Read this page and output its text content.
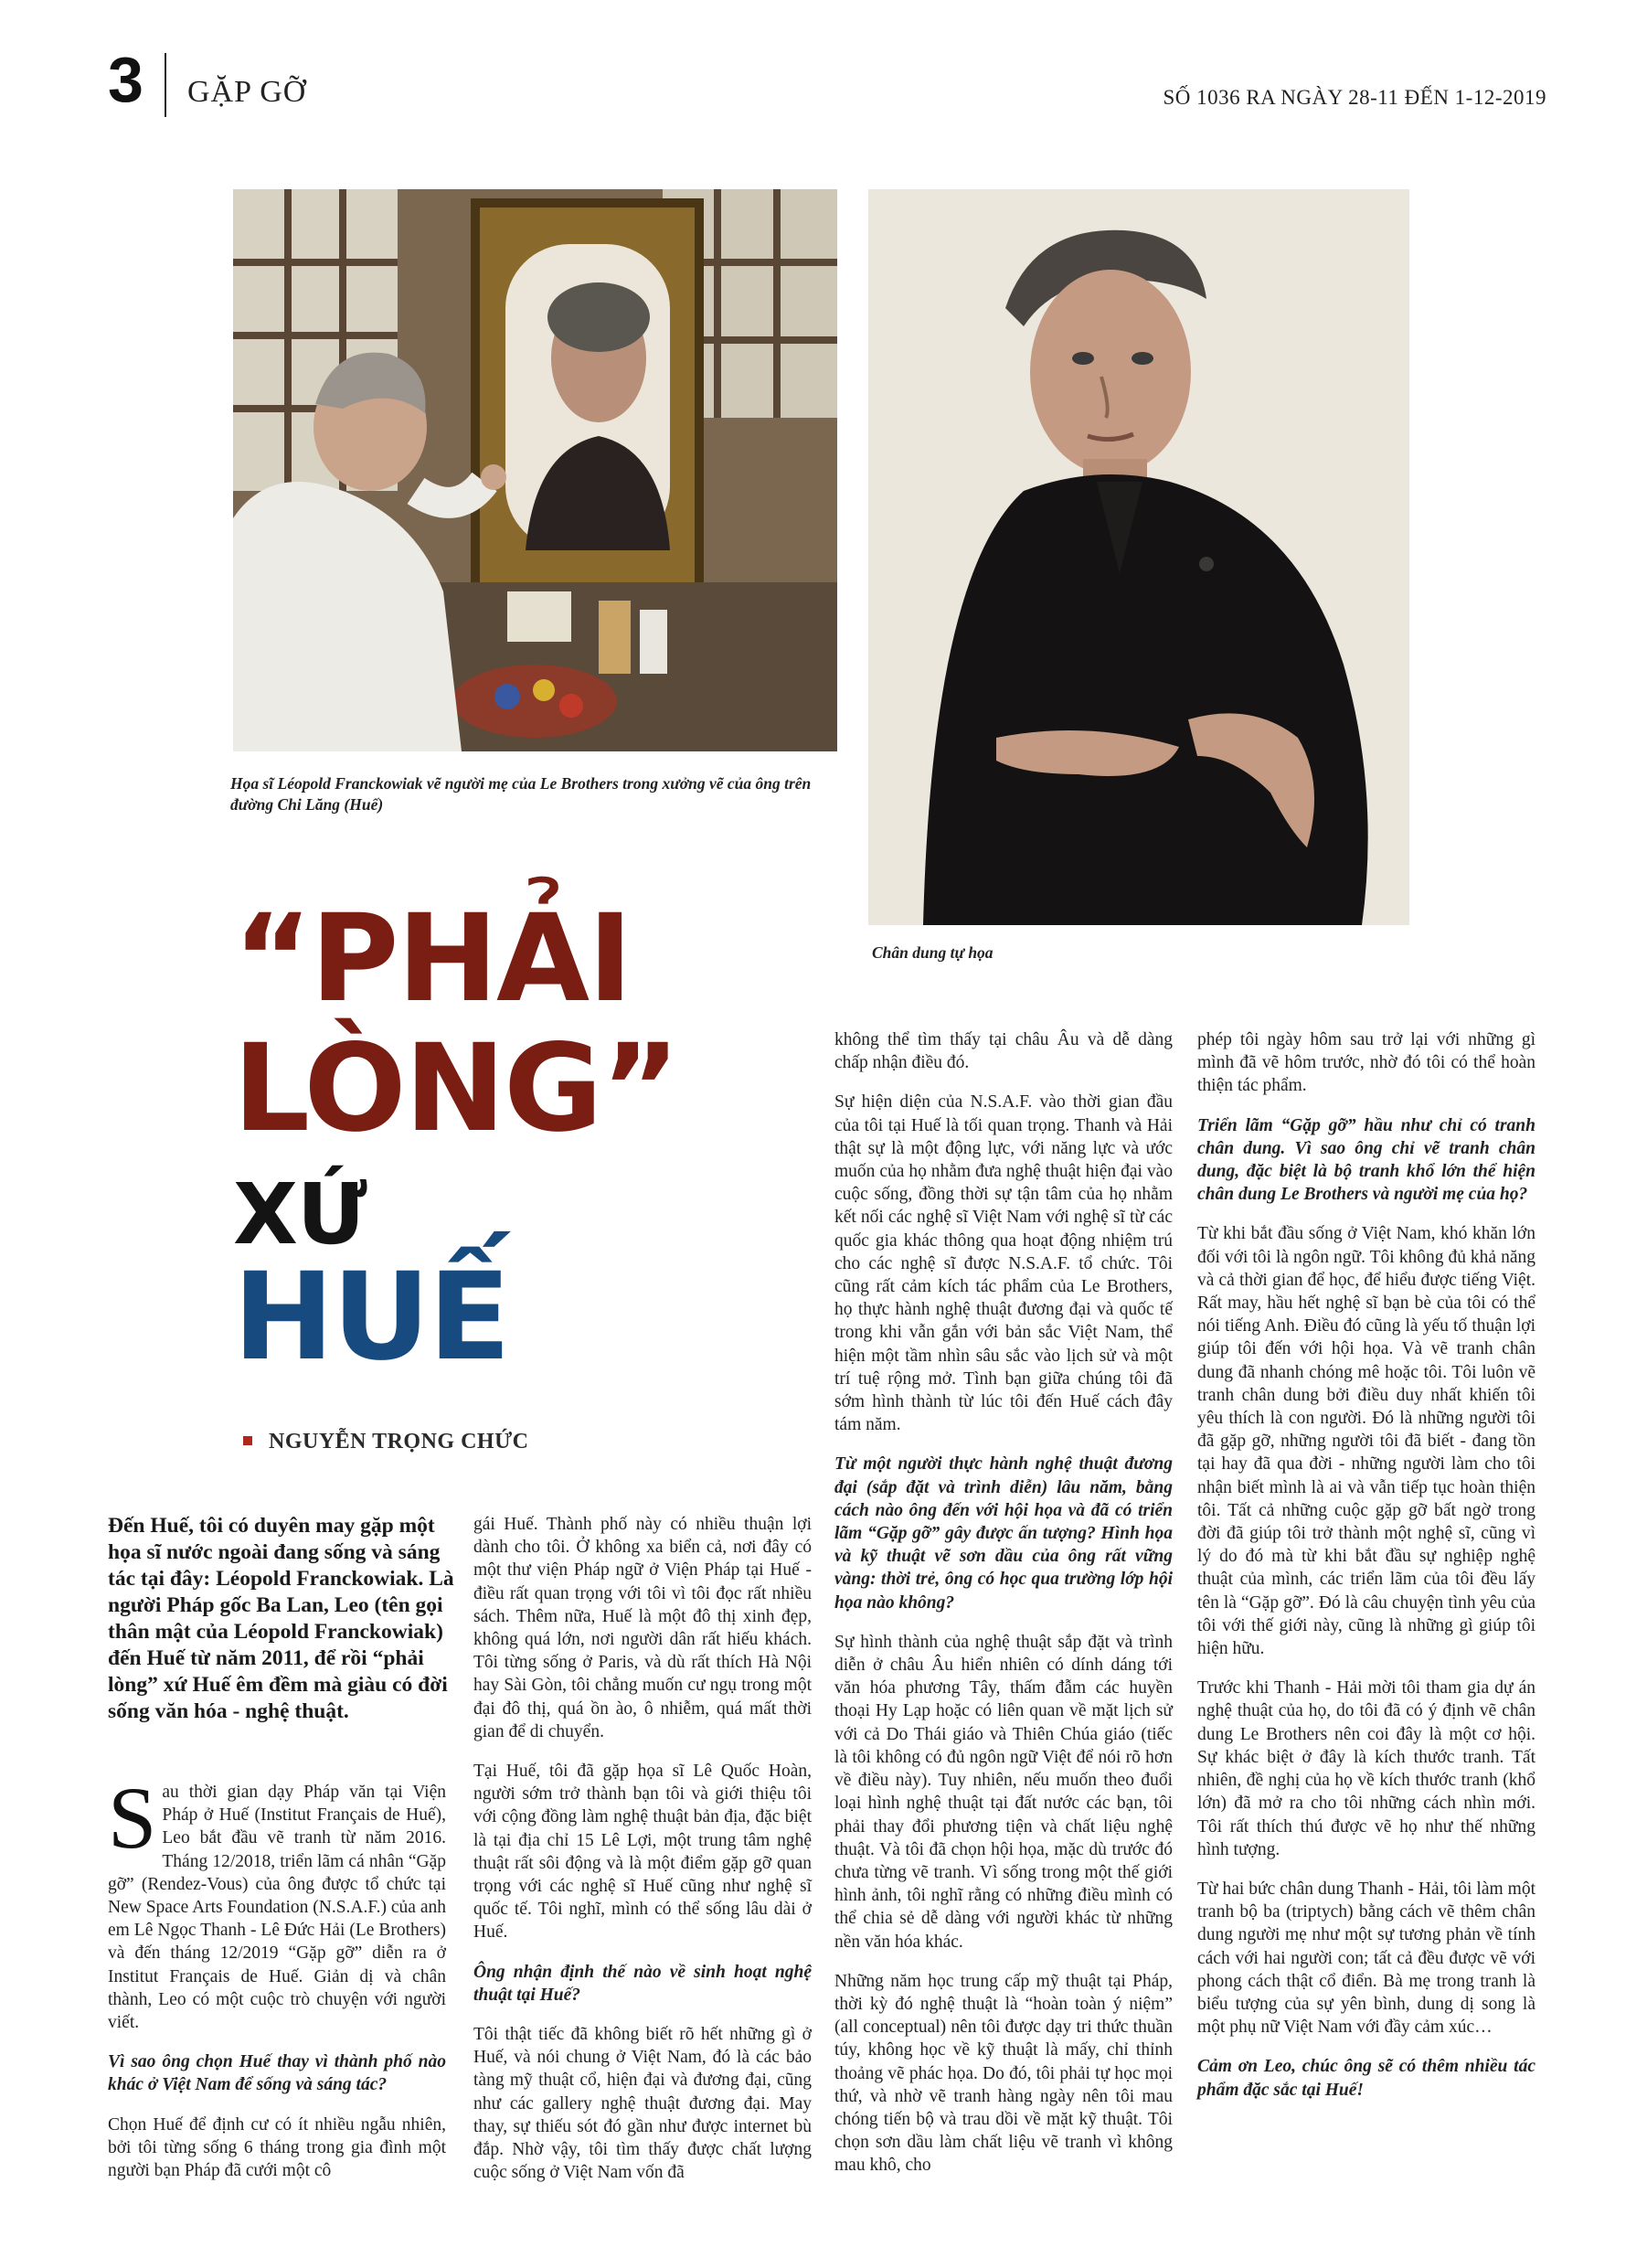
3 GẶP GỠ	SỐ 1036 RA NGÀY 28-11 ĐẾN 1-12-2019
Họa sĩ Léopold Franckowiak vẽ người mẹ của Le Brothers trong xưởng vẽ của ông trên đường Chi Lăng (Huế)
Chân dung tự họa
“PHẢI
LÒNG”
XỨ
HUẾ
NGUYỄN TRỌNG CHỨC
Đến Huế, tôi có duyên may gặp một họa sĩ nước ngoài đang sống và sáng tác tại đây: Léopold Franckowiak. Là người Pháp gốc Ba Lan, Leo (tên gọi thân mật của Léopold Franckowiak) đến Huế từ năm 2011, để rồi “phải lòng” xứ Huế êm đềm mà giàu có đời sống văn hóa - nghệ thuật.

Sau thời gian dạy Pháp văn tại Viện Pháp ở Huế (Institut Français de Huế), Leo bắt đầu vẽ tranh từ năm 2016. Tháng 12/2018, triển lãm cá nhân “Gặp gỡ” (Rendez-Vous) của ông được tổ chức tại New Space Arts Foundation (N.S.A.F.) của anh em Lê Ngọc Thanh - Lê Đức Hải (Le Brothers) và đến tháng 12/2019 “Gặp gỡ” diễn ra ở Institut Français de Huế. Giản dị và chân thành, Leo có một cuộc trò chuyện với người viết.

Vì sao ông chọn Huế thay vì thành phố nào khác ở Việt Nam để sống và sáng tác?

Chọn Huế để định cư có ít nhiều ngẫu nhiên, bởi tôi từng sống 6 tháng trong gia đình một người bạn Pháp đã cưới một cô

gái Huế. Thành phố này có nhiều thuận lợi dành cho tôi. Ở không xa biển cả, nơi đây có một thư viện Pháp ngữ ở Viện Pháp tại Huế - điều rất quan trọng với tôi vì tôi đọc rất nhiều sách. Thêm nữa, Huế là một đô thị xinh đẹp, không quá lớn, nơi người dân rất hiếu khách. Tôi từng sống ở Paris, và dù rất thích Hà Nội hay Sài Gòn, tôi chẳng muốn cư ngụ trong một đại đô thị, quá ồn ào, ô nhiễm, quá mất thời gian để di chuyển.

Tại Huế, tôi đã gặp họa sĩ Lê Quốc Hoàn, người sớm trở thành bạn tôi và giới thiệu tôi với cộng đồng làm nghệ thuật bản địa, đặc biệt là tại địa chỉ 15 Lê Lợi, một trung tâm nghệ thuật rất sôi động và là một điểm gặp gỡ quan trọng với các nghệ sĩ Huế cũng như nghệ sĩ quốc tế. Tôi nghĩ, mình có thể sống lâu dài ở Huế.

Ông nhận định thế nào về sinh hoạt nghệ thuật tại Huế?

Tôi thật tiếc đã không biết rõ hết những gì ở Huế, và nói chung ở Việt Nam, đó là các bảo tàng mỹ thuật cổ, hiện đại và đương đại, cũng như các gallery nghệ thuật đương đại. May thay, sự thiếu sót đó gần như được internet bù đắp. Nhờ vậy, tôi tìm thấy được chất lượng cuộc sống ở Việt Nam vốn đã

không thể tìm thấy tại châu Âu và dễ dàng chấp nhận điều đó.

Sự hiện diện của N.S.A.F. vào thời gian đầu của tôi tại Huế là tối quan trọng. Thanh và Hải thật sự là một động lực, với năng lực và ước muốn của họ nhằm đưa nghệ thuật hiện đại vào cuộc sống, đồng thời sự tận tâm của họ nhằm kết nối các nghệ sĩ Việt Nam với nghệ sĩ từ các quốc gia khác thông qua hoạt động nhiệm trú cho các nghệ sĩ được N.S.A.F. tổ chức. Tôi cũng rất cảm kích tác phẩm của Le Brothers, họ thực hành nghệ thuật đương đại và quốc tế trong khi vẫn gắn với bản sắc Việt Nam, thể hiện một tầm nhìn sâu sắc vào lịch sử và một trí tuệ rộng mở. Tình bạn giữa chúng tôi đã sớm hình thành từ lúc tôi đến Huế cách đây tám năm.

Từ một người thực hành nghệ thuật đương đại (sắp đặt và trình diễn) lâu năm, bằng cách nào ông đến với hội họa và đã có triển lãm “Gặp gỡ” gây được ấn tượng? Hình họa và kỹ thuật vẽ sơn dầu của ông rất vững vàng: thời trẻ, ông có học qua trường lớp hội họa nào không?

Sự hình thành của nghệ thuật sắp đặt và trình diễn ở châu Âu hiển nhiên có dính dáng tới văn hóa phương Tây, thấm đẫm các huyền thoại Hy Lạp hoặc có liên quan về mặt lịch sử với cả Do Thái giáo và Thiên Chúa giáo (tiếc là tôi không có đủ ngôn ngữ Việt để nói rõ hơn về điều này). Tuy nhiên, nếu muốn theo đuổi loại hình nghệ thuật tại đất nước các bạn, tôi phải thay đổi phương tiện và chất liệu nghệ thuật. Và tôi đã chọn hội họa, mặc dù trước đó chưa từng vẽ tranh. Vì sống trong một thế giới hình ảnh, tôi nghĩ rằng có những điều mình có thể chia sẻ dễ dàng với người khác từ những nền văn hóa khác.

Những năm học trung cấp mỹ thuật tại Pháp, thời kỳ đó nghệ thuật là “hoàn toàn ý niệm” (all conceptual) nên tôi được dạy tri thức thuần túy, không học về kỹ thuật là mấy, chỉ thỉnh thoảng vẽ phác họa. Do đó, tôi phải tự học mọi thứ, và nhờ vẽ tranh hàng ngày nên tôi mau chóng tiến bộ và trau dồi về mặt kỹ thuật. Tôi chọn sơn dầu làm chất liệu vẽ tranh vì không mau khô, cho

phép tôi ngày hôm sau trở lại với những gì mình đã vẽ hôm trước, nhờ đó tôi có thể hoàn thiện tác phẩm.

Triển lãm “Gặp gỡ” hầu như chỉ có tranh chân dung. Vì sao ông chỉ vẽ tranh chân dung, đặc biệt là bộ tranh khổ lớn thể hiện chân dung Le Brothers và người mẹ của họ?

Từ khi bắt đầu sống ở Việt Nam, khó khăn lớn đối với tôi là ngôn ngữ. Tôi không đủ khả năng và cả thời gian để học, để hiểu được tiếng Việt. Rất may, hầu hết nghệ sĩ bạn bè của tôi có thể nói tiếng Anh. Điều đó cũng là yếu tố thuận lợi giúp tôi đến với hội họa. Và vẽ tranh chân dung đã nhanh chóng mê hoặc tôi. Tôi luôn vẽ tranh chân dung bởi điều duy nhất khiến tôi yêu thích là con người. Đó là những người tôi đã gặp gỡ, những người tôi đã biết - đang tồn tại hay đã qua đời - những người làm cho tôi nhận biết mình là ai và vẫn tiếp tục hoàn thiện tôi. Tất cả những cuộc gặp gỡ bất ngờ trong đời đã giúp tôi trở thành một nghệ sĩ, cũng vì lý do đó mà từ khi bắt đầu sự nghiệp nghệ thuật của mình, các triển lãm của tôi đều lấy tên là “Gặp gỡ”. Đó là câu chuyện tình yêu của tôi với thế giới này, cũng là những gì giúp tôi hiện hữu.

Trước khi Thanh - Hải mời tôi tham gia dự án nghệ thuật của họ, do tôi đã có ý định vẽ chân dung Le Brothers nên coi đây là một cơ hội. Sự khác biệt ở đây là kích thước tranh. Tất nhiên, đề nghị của họ về kích thước tranh (khổ lớn) đã mở ra cho tôi những cách nhìn mới. Tôi rất thích thú được vẽ họ như thế những hình tượng.

Từ hai bức chân dung Thanh - Hải, tôi làm một tranh bộ ba (triptych) bằng cách vẽ thêm chân dung người mẹ như một sự tương phản về tính cách với hai người con; tất cả đều được vẽ với phong cách thật cổ điển. Bà mẹ trong tranh là biểu tượng của sự yên bình, dung dị song là một phụ nữ Việt Nam với đầy cảm xúc…

Cảm ơn Leo, chúc ông sẽ có thêm nhiều tác phẩm đặc sắc tại Huế!
